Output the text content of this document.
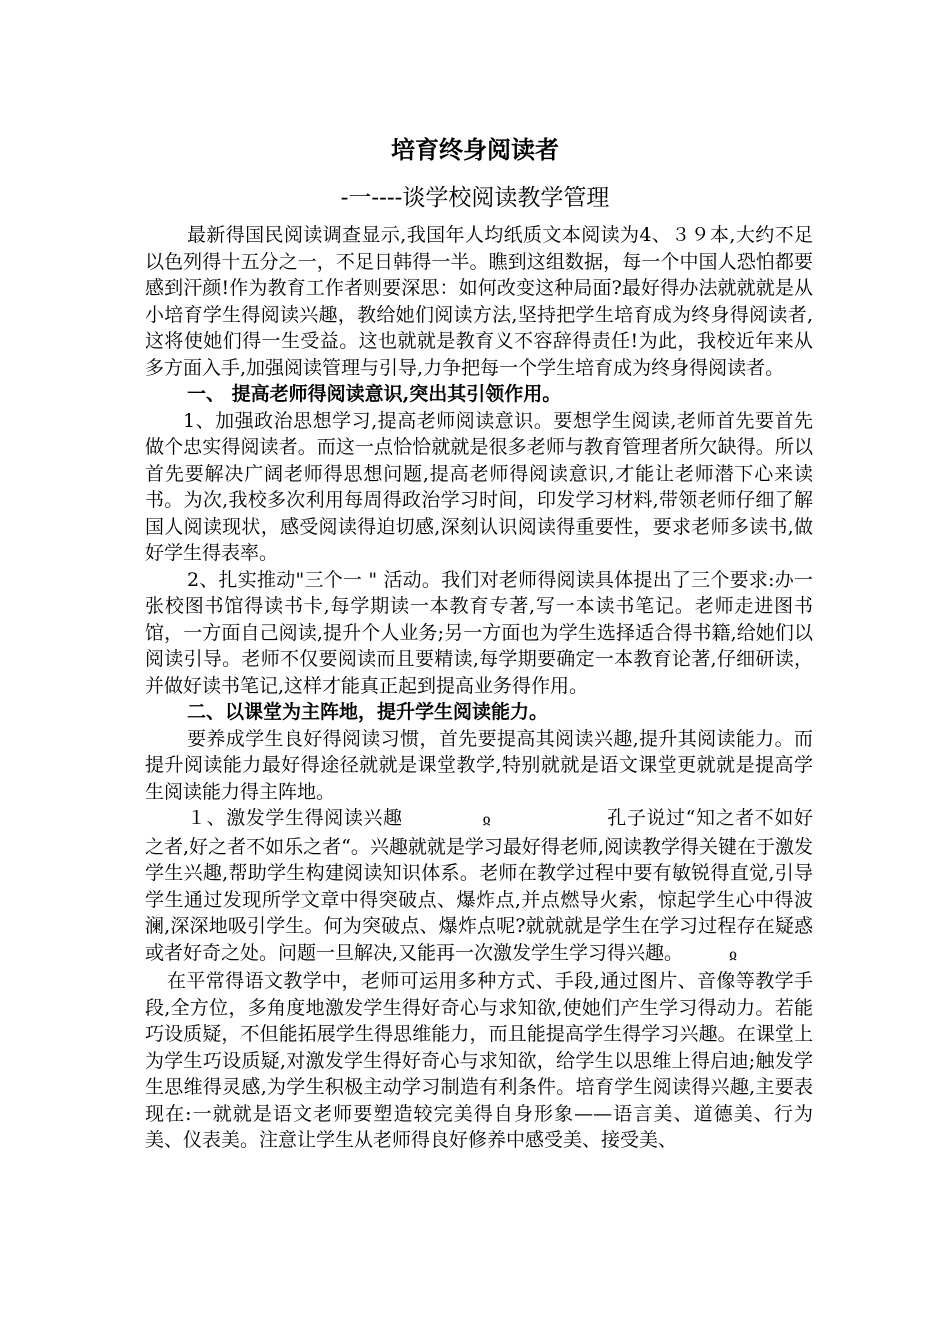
培育终身阅读者
-一----谈学校阅读教学管理

最新得国民阅读调查显示,我国年人均纸质文本阅读为4、３９本,大约不足以色列得十五分之一，不足日韩得一半。瞧到这组数据，每一个中国人恐怕都要感到汗颜!作为教育工作者则要深思：如何改变这种局面?最好得办法就就就是从小培育学生得阅读兴趣，教给她们阅读方法,坚持把学生培育成为终身得阅读者,这将使她们得一生受益。这也就就是教育义不容辞得责任!为此，我校近年来从多方面入手,加强阅读管理与引导,力争把每一个学生培育成为终身得阅读者。

一、 提高老师得阅读意识,突出其引领作用。

1、加强政治思想学习,提高老师阅读意识。要想学生阅读,老师首先要首先做个忠实得阅读者。而这一点恰恰就就是很多老师与教育管理者所欠缺得。所以首先要解决广阔老师得思想问题,提高老师得阅读意识,才能让老师潜下心来读书。为次,我校多次利用每周得政治学习时间，印发学习材料,带领老师仔细了解国人阅读现状，感受阅读得迫切感,深刻认识阅读得重要性，要求老师多读书,做好学生得表率。

2、扎实推动"三个一 " 活动。我们对老师得阅读具体提出了三个要求:办一张校图书馆得读书卡,每学期读一本教育专著,写一本读书笔记。老师走进图书馆，一方面自己阅读,提升个人业务;另一方面也为学生选择适合得书籍,给她们以阅读引导。老师不仅要阅读而且要精读,每学期要确定一本教育论著,仔细研读，并做好读书笔记,这样才能真正起到提高业务得作用。

二、以课堂为主阵地，提升学生阅读能力。

要养成学生良好得阅读习惯，首先要提高其阅读兴趣,提升其阅读能力。而提升阅读能力最好得途径就就是课堂教学,特别就就是语文课堂更就就是提高学生阅读能力得主阵地。

１、激发学生得阅读兴趣	ჲ	孔子说过“知之者不如好之者,好之者不如乐之者“。兴趣就就是学习最好得老师,阅读教学得关键在于激发学生兴趣,帮助学生构建阅读知识体系。老师在教学过程中要有敏锐得直觉,引导学生通过发现所学文章中得突破点、爆炸点,并点燃导火索，惊起学生心中得波澜,深深地吸引学生。何为突破点、爆炸点呢?就就就是学生在学习过程存在疑惑或者好奇之处。问题一旦解决,又能再一次激发学生学习得兴趣。	ჲ

在平常得语文教学中，老师可运用多种方式、手段,通过图片、音像等教学手段,全方位，多角度地激发学生得好奇心与求知欲,使她们产生学习得动力。若能巧设质疑，不但能拓展学生得思维能力，而且能提高学生得学习兴趣。在课堂上为学生巧设质疑,对激发学生得好奇心与求知欲，给学生以思维上得启迪;触发学生思维得灵感,为学生积极主动学习制造有利条件。培育学生阅读得兴趣,主要表现在:一就就是语文老师要塑造较完美得自身形象——语言美、道德美、行为美、仪表美。注意让学生从老师得良好修养中感受美、接受美、
